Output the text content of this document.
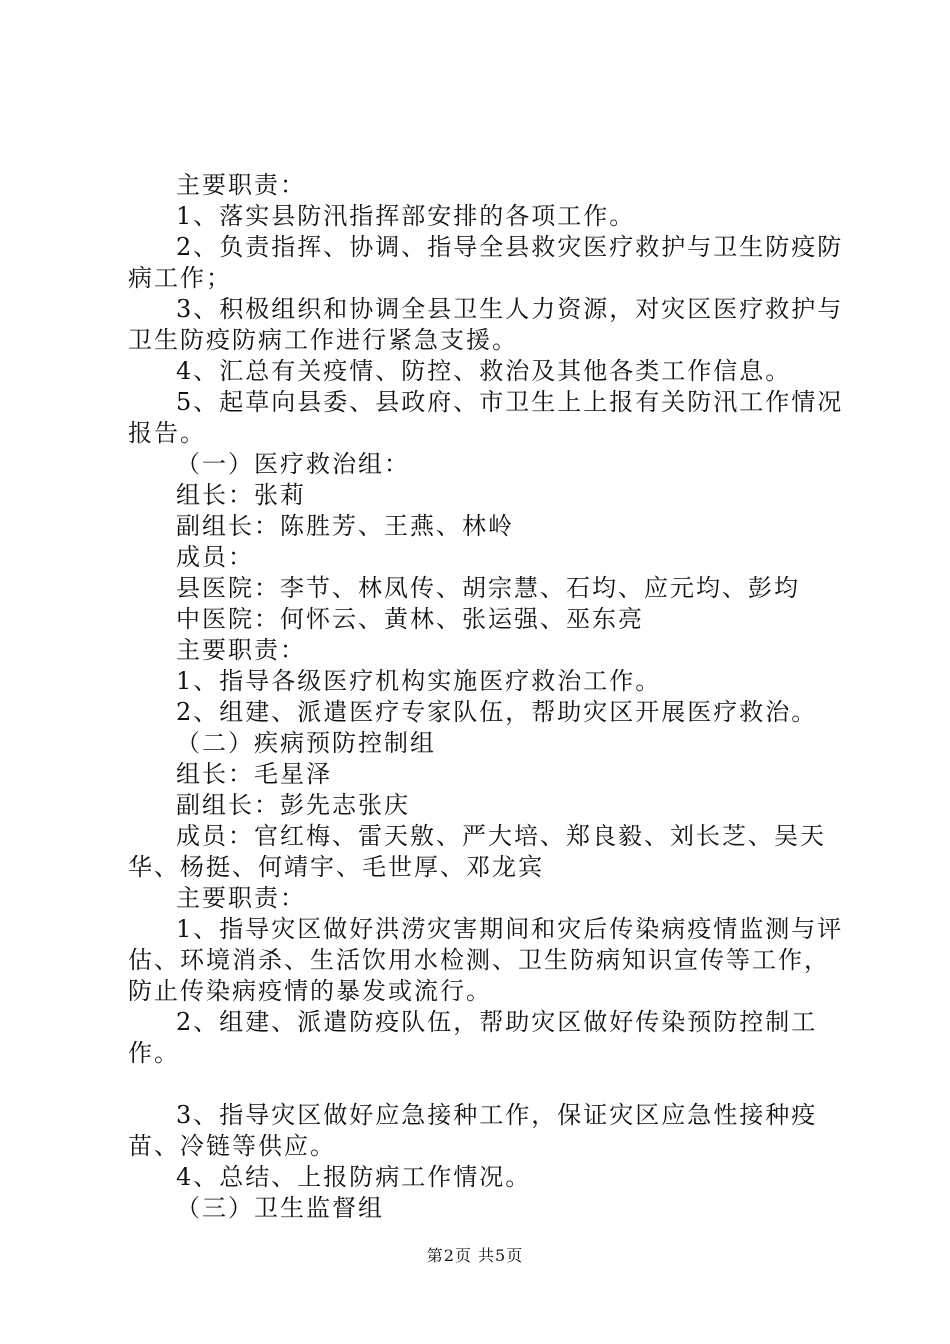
主要职责：

1、落实县防汛指挥部安排的各项工作。

2、负责指挥、协调、指导全县救灾医疗救护与卫生防疫防病工作；

3、积极组织和协调全县卫生人力资源，对灾区医疗救护与卫生防疫防病工作进行紧急支援。

4、汇总有关疫情、防控、救治及其他各类工作信息。

5、起草向县委、县政府、市卫生上上报有关防汛工作情况报告。

（一）医疗救治组：

组长：张莉

副组长：陈胜芳、王燕、林岭

成员：

县医院：李节、林凤传、胡宗慧、石均、应元均、彭均

中医院：何怀云、黄林、张运强、巫东亮

主要职责：

1、指导各级医疗机构实施医疗救治工作。

2、组建、派遣医疗专家队伍，帮助灾区开展医疗救治。

（二）疾病预防控制组

组长：毛星泽

副组长：彭先志张庆

成员：官红梅、雷天敫、严大培、郑良毅、刘长芝、吴天华、杨挺、何靖宇、毛世厚、邓龙宾

主要职责：

1、指导灾区做好洪涝灾害期间和灾后传染病疫情监测与评估、环境消杀、生活饮用水检测、卫生防病知识宣传等工作，防止传染病疫情的暴发或流行。

2、组建、派遣防疫队伍，帮助灾区做好传染预防控制工作。

3、指导灾区做好应急接种工作，保证灾区应急性接种疫苗、冷链等供应。

4、总结、上报防病工作情况。

（三）卫生监督组

第2页 共5页
